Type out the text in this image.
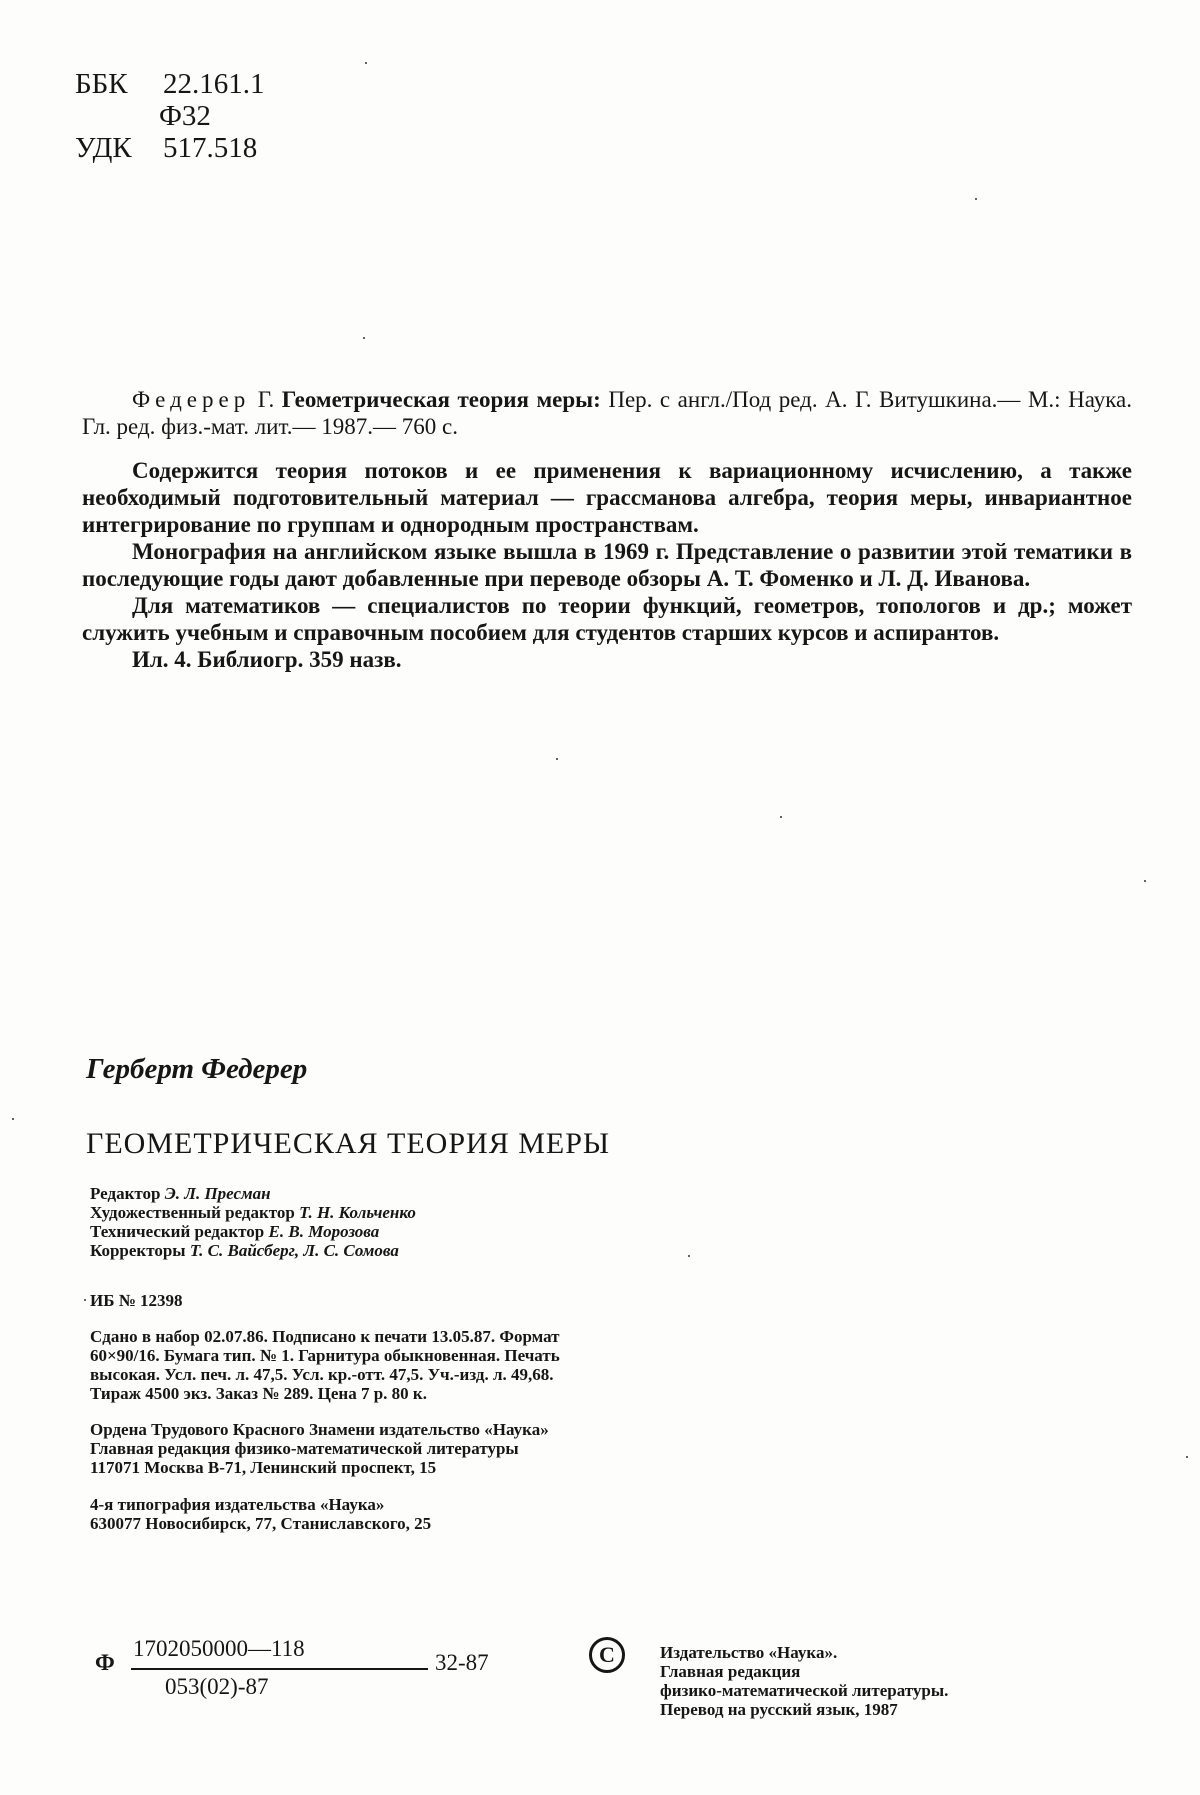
ББК 22.161.1
Ф32
УДК 517.518

Федерер Г. Геометрическая теория меры: Пер. с англ./Под ред. А. Г. Витушкина.— М.: Наука. Гл. ред. физ.-мат. лит.— 1987.— 760 с.

Содержится теория потоков и ее применения к вариационному исчислению, а также необходимый подготовительный материал — грассманова алгебра, теория меры, инвариантное интегрирование по группам и однородным пространствам.

Монография на английском языке вышла в 1969 г. Представление о развитии этой тематики в последующие годы дают добавленные при переводе обзоры А. Т. Фоменко и Л. Д. Иванова.

Для математиков — специалистов по теории функций, геометров, топологов и др.; может служить учебным и справочным пособием для студентов старших курсов и аспирантов.

Ил. 4. Библиогр. 359 назв.

Герберт Федерер
ГЕОМЕТРИЧЕСКАЯ ТЕОРИЯ МЕРЫ
Редактор Э. Л. Пресман
Художественный редактор Т. Н. Кольченко
Технический редактор Е. В. Морозова
Корректоры Т. С. Вайсберг, Л. С. Сомова
ИБ № 12398
Сдано в набор 02.07.86. Подписано к печати 13.05.87. Формат
60×90/16. Бумага тип. № 1. Гарнитура обыкновенная. Печать
высокая. Усл. печ. л. 47,5. Усл. кр.-отт. 47,5. Уч.-изд. л. 49,68.
Тираж 4500 экз. Заказ № 289. Цена 7 р. 80 к.
Ордена Трудового Красного Знамени издательство «Наука»
Главная редакция физико-математической литературы
117071 Москва В-71, Ленинский проспект, 15
4-я типография издательства «Наука»
630077 Новосибирск, 77, Станиславского, 25
Ф
1702050000—118
053(02)-87
32-87	C	Издательство «Наука».
Главная редакция
физико-математической литературы.
Перевод на русский язык, 1987
